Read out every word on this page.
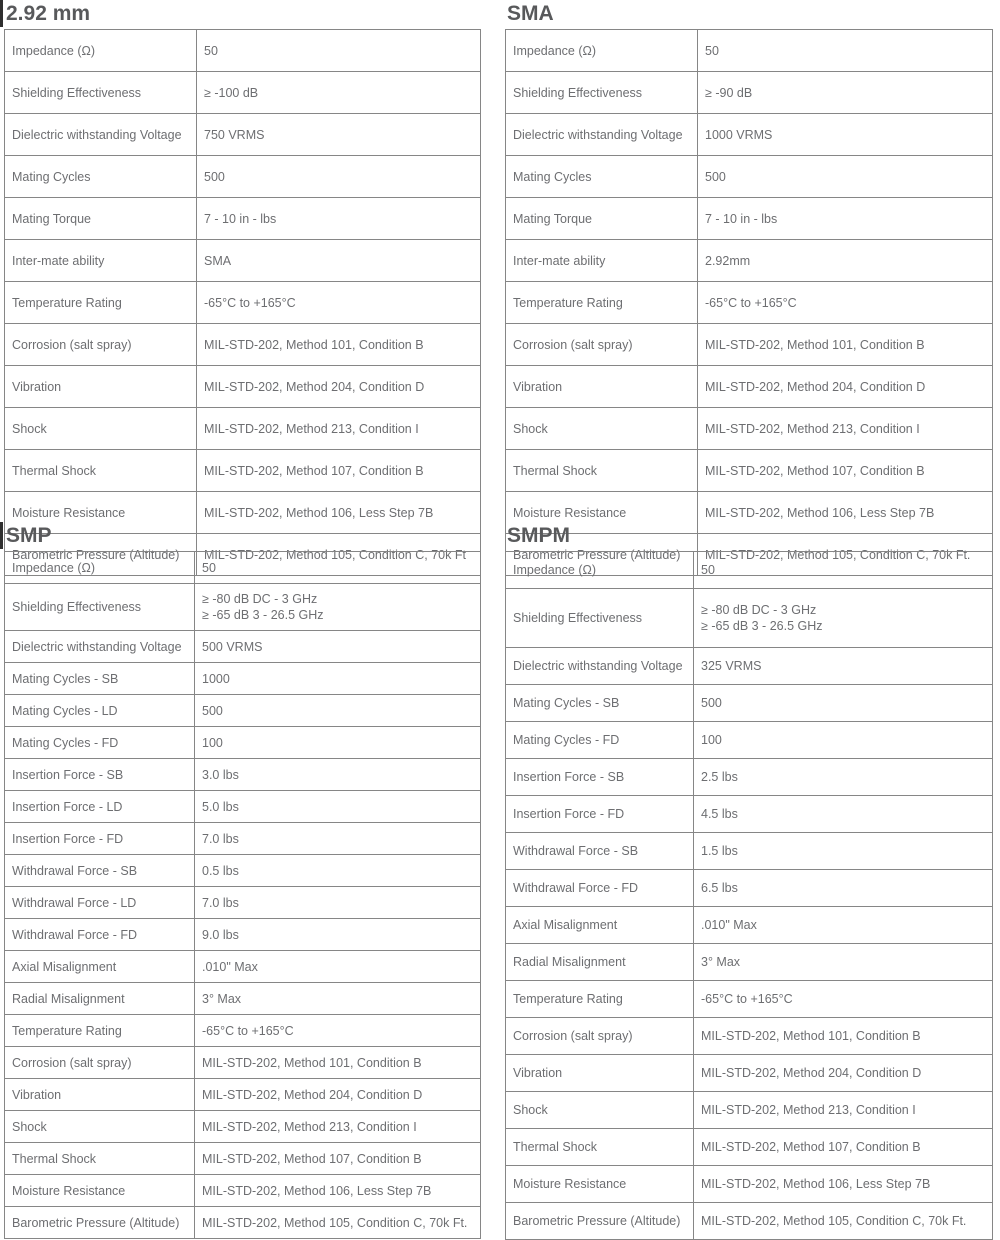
2.92 mm
Impedance (Ω)	50
Shielding Effectiveness	≥ -100 dB
Dielectric withstanding Voltage	750 VRMS
Mating Cycles	500
Mating Torque	7 - 10 in - lbs
Inter-mate ability	SMA
Temperature Rating	-65°C to +165°C
Corrosion (salt spray)	MIL-STD-202, Method 101, Condition B
Vibration	MIL-STD-202, Method 204, Condition D
Shock	MIL-STD-202, Method 213, Condition I
Thermal Shock	MIL-STD-202, Method 107, Condition B
Moisture Resistance	MIL-STD-202, Method 106, Less Step 7B
Barometric Pressure (Altitude)	MIL-STD-202, Method 105, Condition C, 70k Ft
SMA
Impedance (Ω)	50
Shielding Effectiveness	≥ -90 dB
Dielectric withstanding Voltage	1000 VRMS
Mating Cycles	500
Mating Torque	7 - 10 in - lbs
Inter-mate ability	2.92mm
Temperature Rating	-65°C to +165°C
Corrosion (salt spray)	MIL-STD-202, Method 101, Condition B
Vibration	MIL-STD-202, Method 204, Condition D
Shock	MIL-STD-202, Method 213, Condition I
Thermal Shock	MIL-STD-202, Method 107, Condition B
Moisture Resistance	MIL-STD-202, Method 106, Less Step 7B
Barometric Pressure (Altitude)	MIL-STD-202, Method 105, Condition C, 70k Ft.
SMP
Impedance (Ω)	50
Shielding Effectiveness	≥ -80 dB DC - 3 GHz
≥ -65 dB 3 - 26.5 GHz
Dielectric withstanding Voltage	500 VRMS
Mating Cycles - SB	1000
Mating Cycles - LD	500
Mating Cycles - FD	100
Insertion Force - SB	3.0 lbs
Insertion Force - LD	5.0 lbs
Insertion Force - FD	7.0 lbs
Withdrawal Force - SB	0.5 lbs
Withdrawal Force - LD	7.0 lbs
Withdrawal Force - FD	9.0 lbs
Axial Misalignment	.010" Max
Radial Misalignment	3° Max
Temperature Rating	-65°C to +165°C
Corrosion (salt spray)	MIL-STD-202, Method 101, Condition B
Vibration	MIL-STD-202, Method 204, Condition D
Shock	MIL-STD-202, Method 213, Condition I
Thermal Shock	MIL-STD-202, Method 107, Condition B
Moisture Resistance	MIL-STD-202, Method 106, Less Step 7B
Barometric Pressure (Altitude)	MIL-STD-202, Method 105, Condition C, 70k Ft.
SMPM
Impedance (Ω)	50
Shielding Effectiveness	≥ -80 dB DC - 3 GHz
≥ -65 dB 3 - 26.5 GHz
Dielectric withstanding Voltage	325 VRMS
Mating Cycles - SB	500
Mating Cycles - FD	100
Insertion Force - SB	2.5 lbs
Insertion Force - FD	4.5 lbs
Withdrawal Force - SB	1.5 lbs
Withdrawal Force - FD	6.5 lbs
Axial Misalignment	.010" Max
Radial Misalignment	3° Max
Temperature Rating	-65°C to +165°C
Corrosion (salt spray)	MIL-STD-202, Method 101, Condition B
Vibration	MIL-STD-202, Method 204, Condition D
Shock	MIL-STD-202, Method 213, Condition I
Thermal Shock	MIL-STD-202, Method 107, Condition B
Moisture Resistance	MIL-STD-202, Method 106, Less Step 7B
Barometric Pressure (Altitude)	MIL-STD-202, Method 105, Condition C, 70k Ft.
